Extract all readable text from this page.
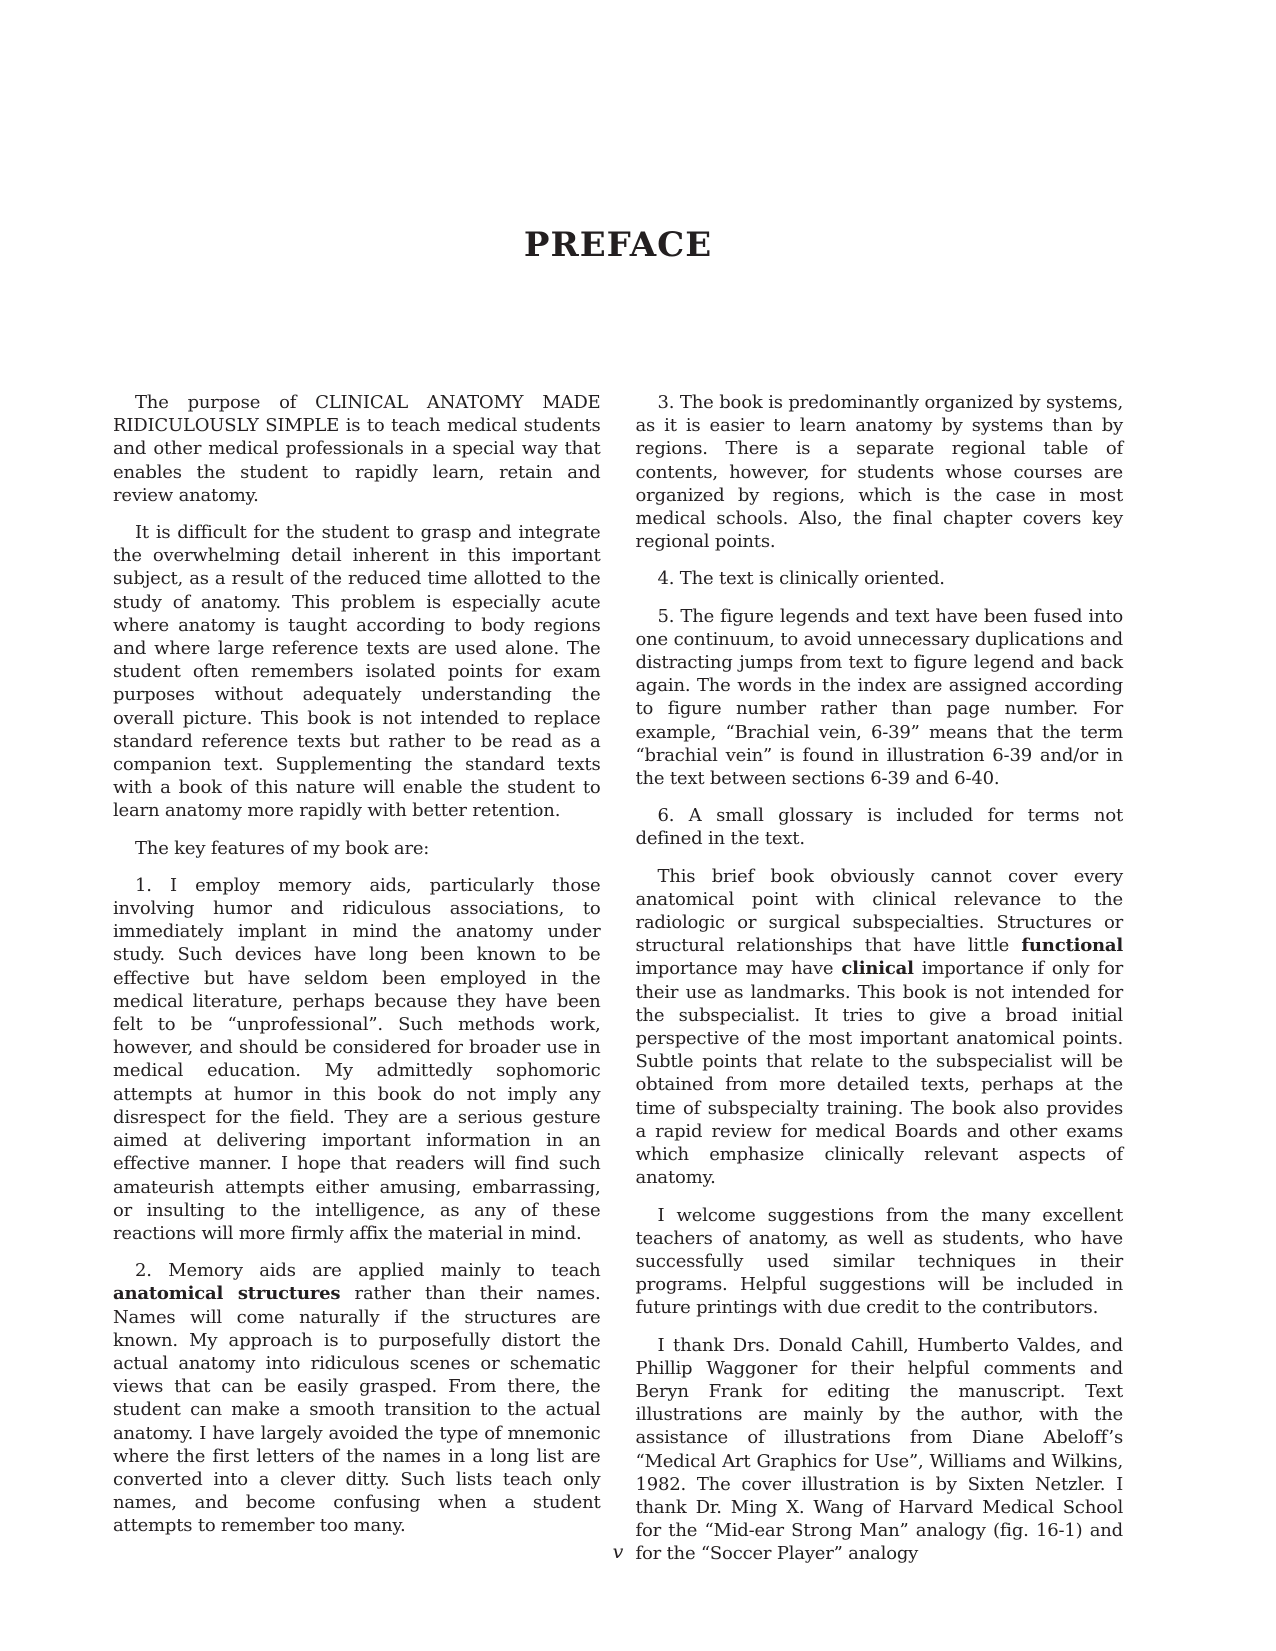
PREFACE

The purpose of CLINICAL ANATOMY MADE RIDICULOUSLY SIMPLE is to teach medical students and other medical professionals in a special way that enables the student to rapidly learn, retain and review anatomy.

It is difficult for the student to grasp and integrate the overwhelming detail inherent in this important subject, as a result of the reduced time allotted to the study of anatomy. This problem is especially acute where anatomy is taught according to body regions and where large reference texts are used alone. The student often remembers isolated points for exam purposes without adequately understanding the overall picture. This book is not intended to replace standard reference texts but rather to be read as a companion text. Supplementing the standard texts with a book of this nature will enable the student to learn anatomy more rapidly with better retention.

The key features of my book are:

1. I employ memory aids, particularly those involving humor and ridiculous associations, to immediately implant in mind the anatomy under study. Such devices have long been known to be effective but have seldom been employed in the medical literature, perhaps because they have been felt to be “unprofessional”. Such methods work, however, and should be considered for broader use in medical education. My admittedly sophomoric attempts at humor in this book do not imply any disrespect for the field. They are a serious gesture aimed at delivering important information in an effective manner. I hope that readers will find such amateurish attempts either amusing, embarrassing, or insulting to the intelligence, as any of these reactions will more firmly affix the material in mind.

2. Memory aids are applied mainly to teach anatomical structures rather than their names. Names will come naturally if the structures are known. My approach is to purposefully distort the actual anatomy into ridiculous scenes or schematic views that can be easily grasped. From there, the student can make a smooth transition to the actual anatomy. I have largely avoided the type of mnemonic where the first letters of the names in a long list are converted into a clever ditty. Such lists teach only names, and become confusing when a student attempts to remember too many.

3. The book is predominantly organized by systems, as it is easier to learn anatomy by systems than by regions. There is a separate regional table of contents, however, for students whose courses are organized by regions, which is the case in most medical schools. Also, the final chapter covers key regional points.

4. The text is clinically oriented.

5. The figure legends and text have been fused into one continuum, to avoid unnecessary duplications and distracting jumps from text to figure legend and back again. The words in the index are assigned according to figure number rather than page number. For example, “Brachial vein, 6-39” means that the term “brachial vein” is found in illustration 6-39 and/or in the text between sections 6-39 and 6-40.

6. A small glossary is included for terms not defined in the text.

This brief book obviously cannot cover every anatomical point with clinical relevance to the radiologic or surgical subspecialties. Structures or structural relationships that have little functional importance may have clinical importance if only for their use as landmarks. This book is not intended for the subspecialist. It tries to give a broad initial perspective of the most important anatomical points. Subtle points that relate to the subspecialist will be obtained from more detailed texts, perhaps at the time of subspecialty training. The book also provides a rapid review for medical Boards and other exams which emphasize clinically relevant aspects of anatomy.

I welcome suggestions from the many excellent teachers of anatomy, as well as students, who have successfully used similar techniques in their programs. Helpful suggestions will be included in future printings with due credit to the contributors.

I thank Drs. Donald Cahill, Humberto Valdes, and Phillip Waggoner for their helpful comments and Beryn Frank for editing the manuscript. Text illustrations are mainly by the author, with the assistance of illustrations from Diane Abeloff’s “Medical Art Graphics for Use”, Williams and Wilkins, 1982. The cover illustration is by Sixten Netzler. I thank Dr. Ming X. Wang of Harvard Medical School for the “Mid-ear Strong Man” analogy (fig. 16-1) and for the “Soccer Player” analogy

v
